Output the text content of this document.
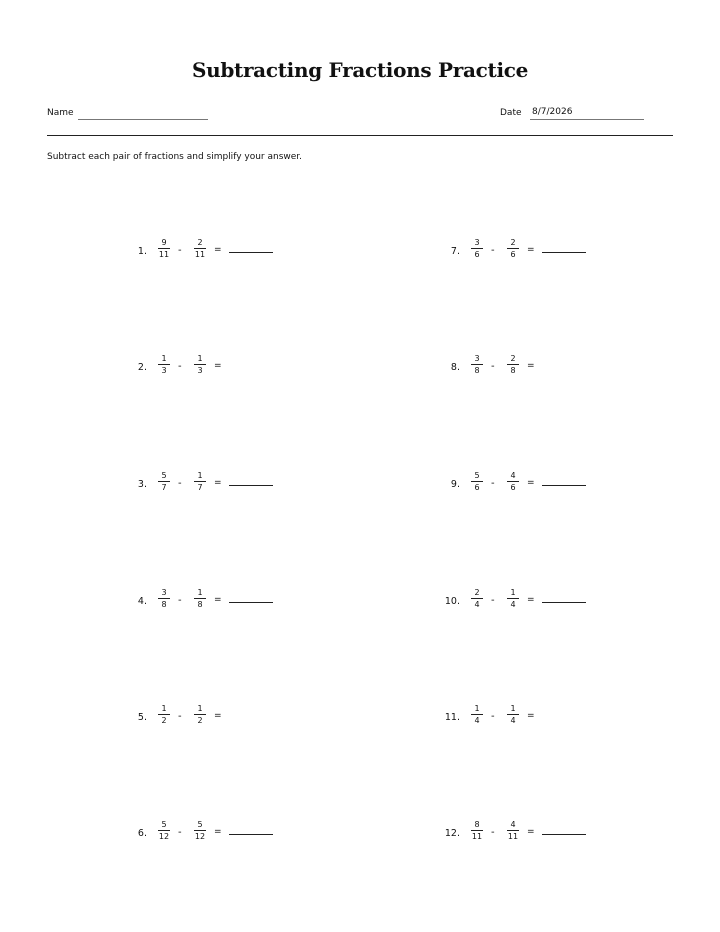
Subtracting Fractions Practice
Name	Date 8/7/2026
Subtract each pair of fractions and simplify your answer.
1.
9
11 -
2
11 =
2.
1
3	-
1
3	=
3.
5
7	-
1
7	=
4.
3
8	-
1
8	=
5.
1
2	-
1
2	=
6.
5
12 -
5
12 =
7.
3
6	-
2
6	=
8.
3
8	-
2
8	=
9.
5
6	-
4
6	=
10.
2
4	-
1
4	=
11.
1
4	-
1
4	=
12.
8
11 -
4
11 =
